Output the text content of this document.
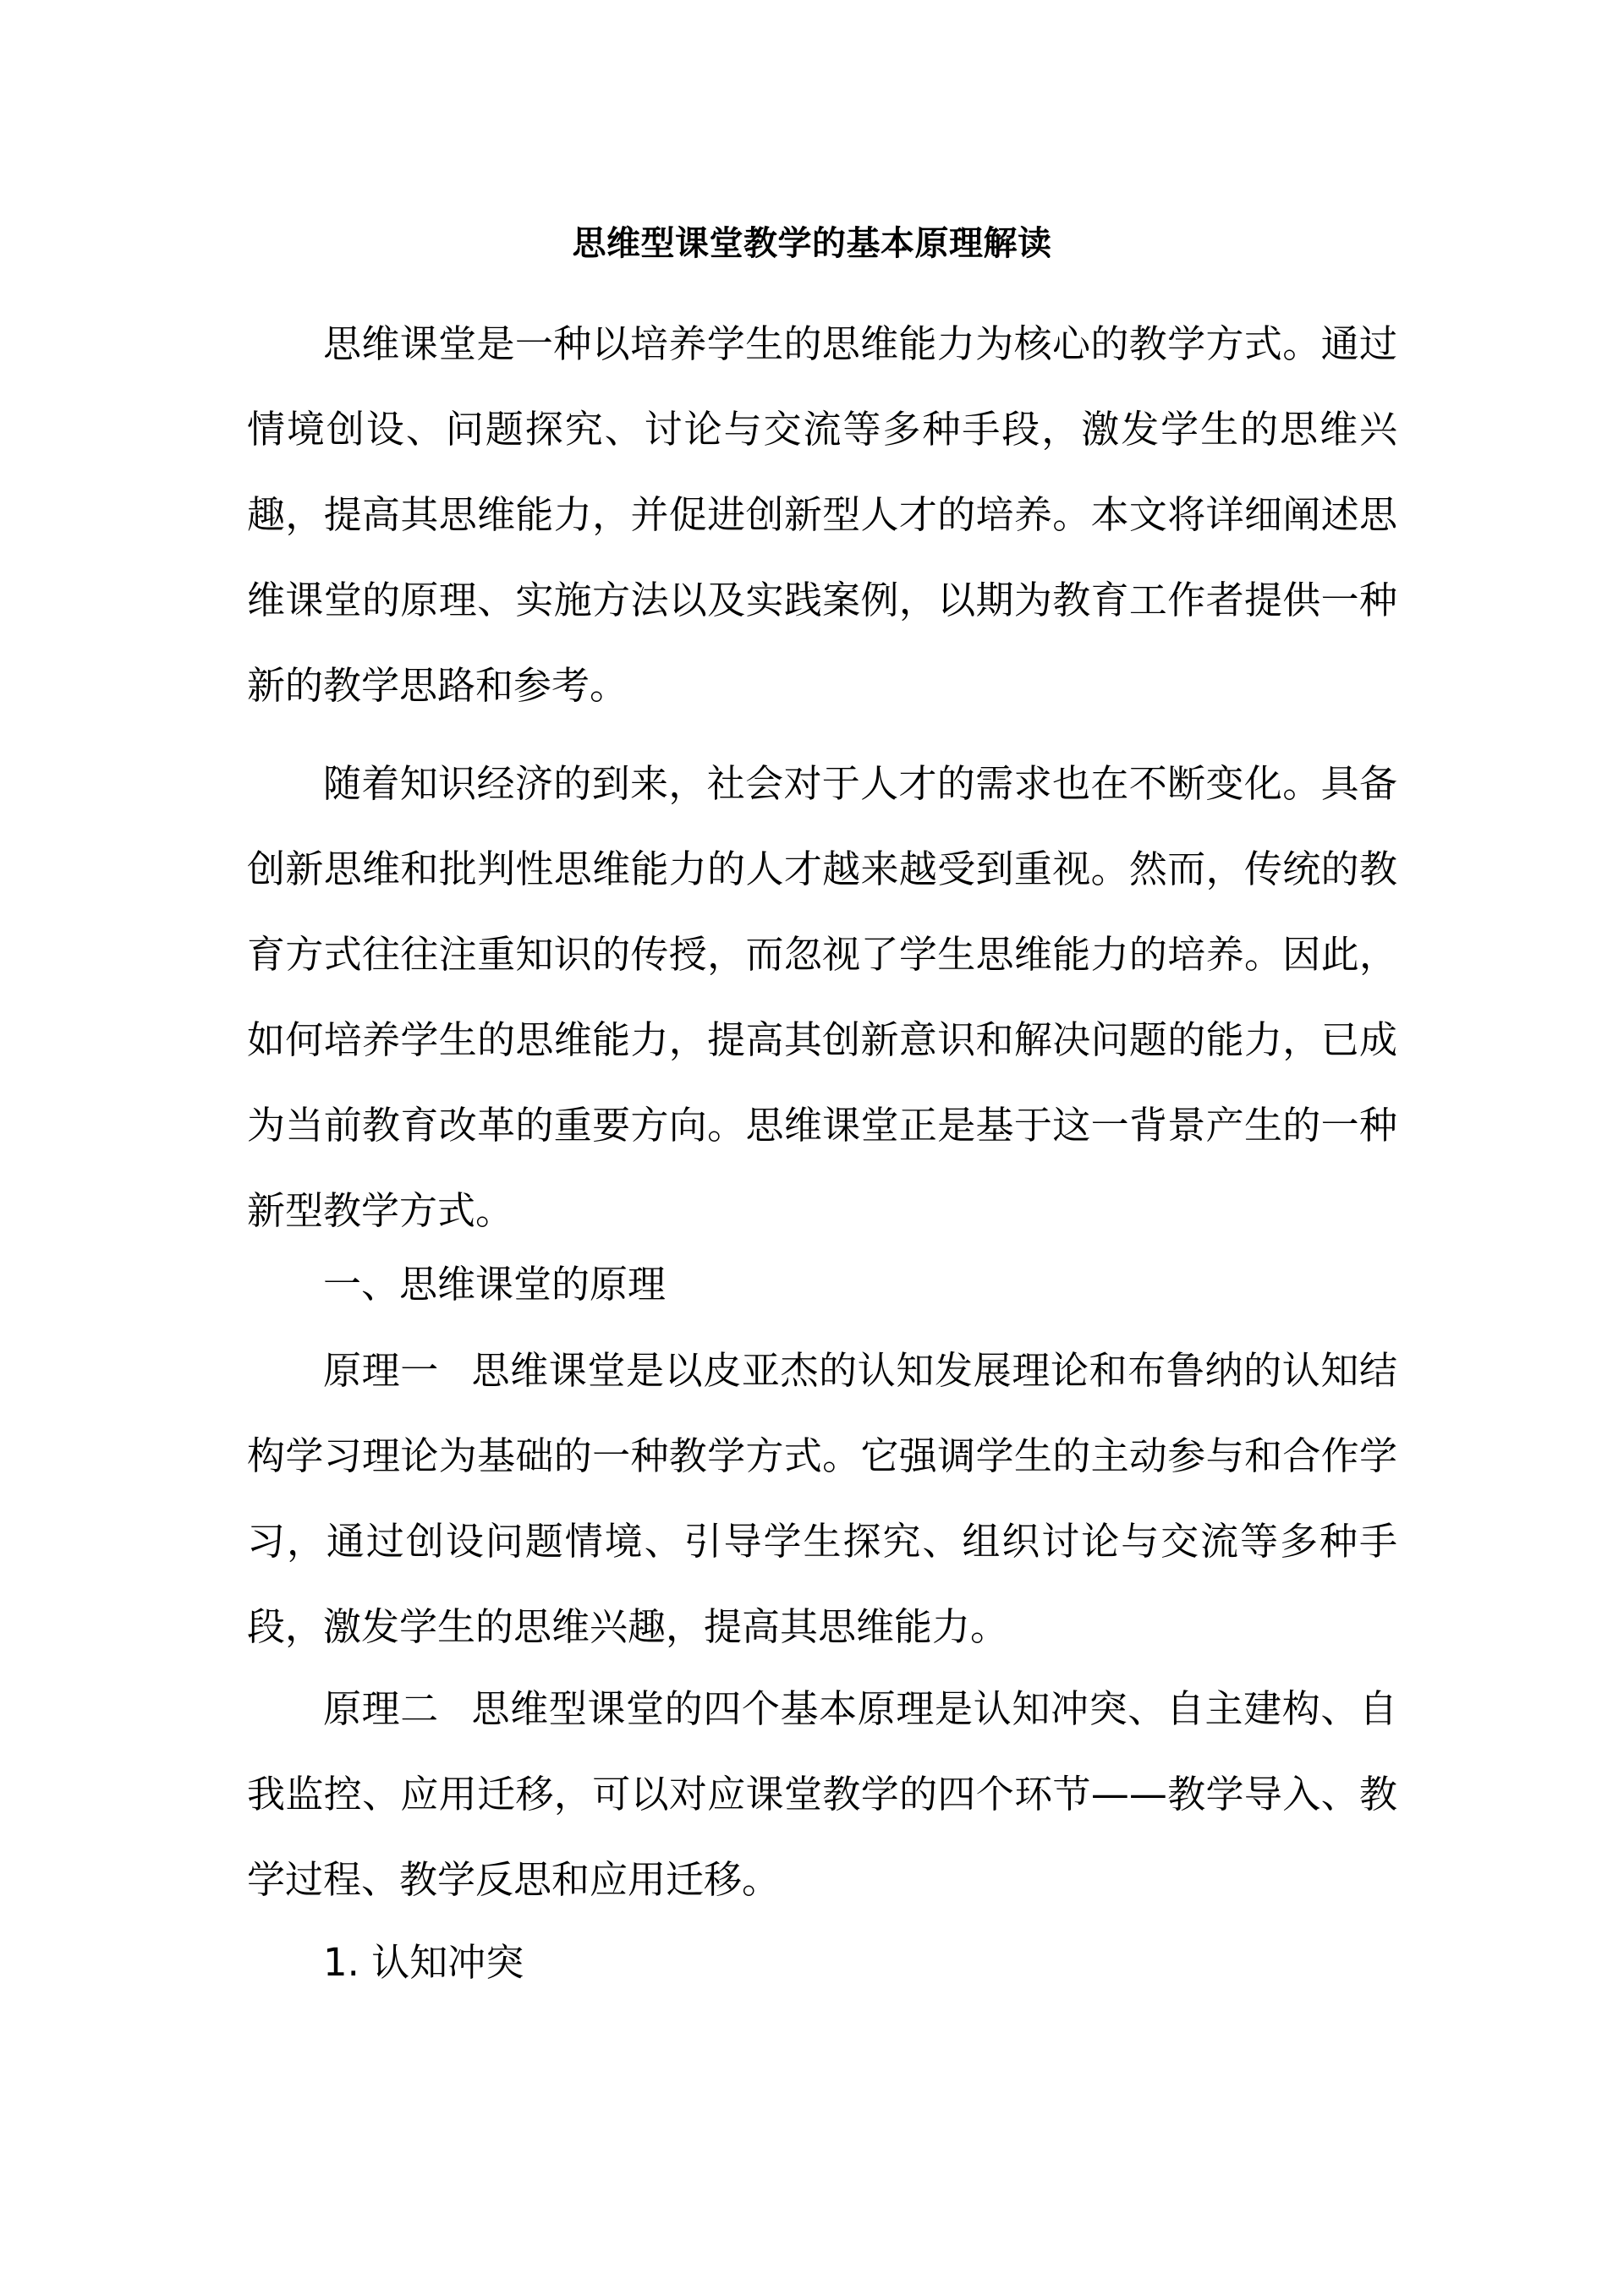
思维型课堂教学的基本原理解读

思维课堂是一种以培养学生的思维能力为核心的教学方式。通过情境创设、问题探究、讨论与交流等多种手段，激发学生的思维兴趣，提高其思维能力，并促进创新型人才的培养。本文将详细阐述思维课堂的原理、实施方法以及实践案例，以期为教育工作者提供一种新的教学思路和参考。

随着知识经济的到来，社会对于人才的需求也在不断变化。具备创新思维和批判性思维能力的人才越来越受到重视。然而，传统的教育方式往往注重知识的传授，而忽视了学生思维能力的培养。因此，如何培养学生的思维能力，提高其创新意识和解决问题的能力，已成为当前教育改革的重要方向。思维课堂正是基于这一背景产生的一种新型教学方式。

一、思维课堂的原理

原理一 思维课堂是以皮亚杰的认知发展理论和布鲁纳的认知结构学习理论为基础的一种教学方式。它强调学生的主动参与和合作学习，通过创设问题情境、引导学生探究、组织讨论与交流等多种手段，激发学生的思维兴趣，提高其思维能力。

原理二 思维型课堂的四个基本原理是认知冲突、自主建构、自我监控、应用迁移，可以对应课堂教学的四个环节——教学导入、教学过程、教学反思和应用迁移。

1. 认知冲突
